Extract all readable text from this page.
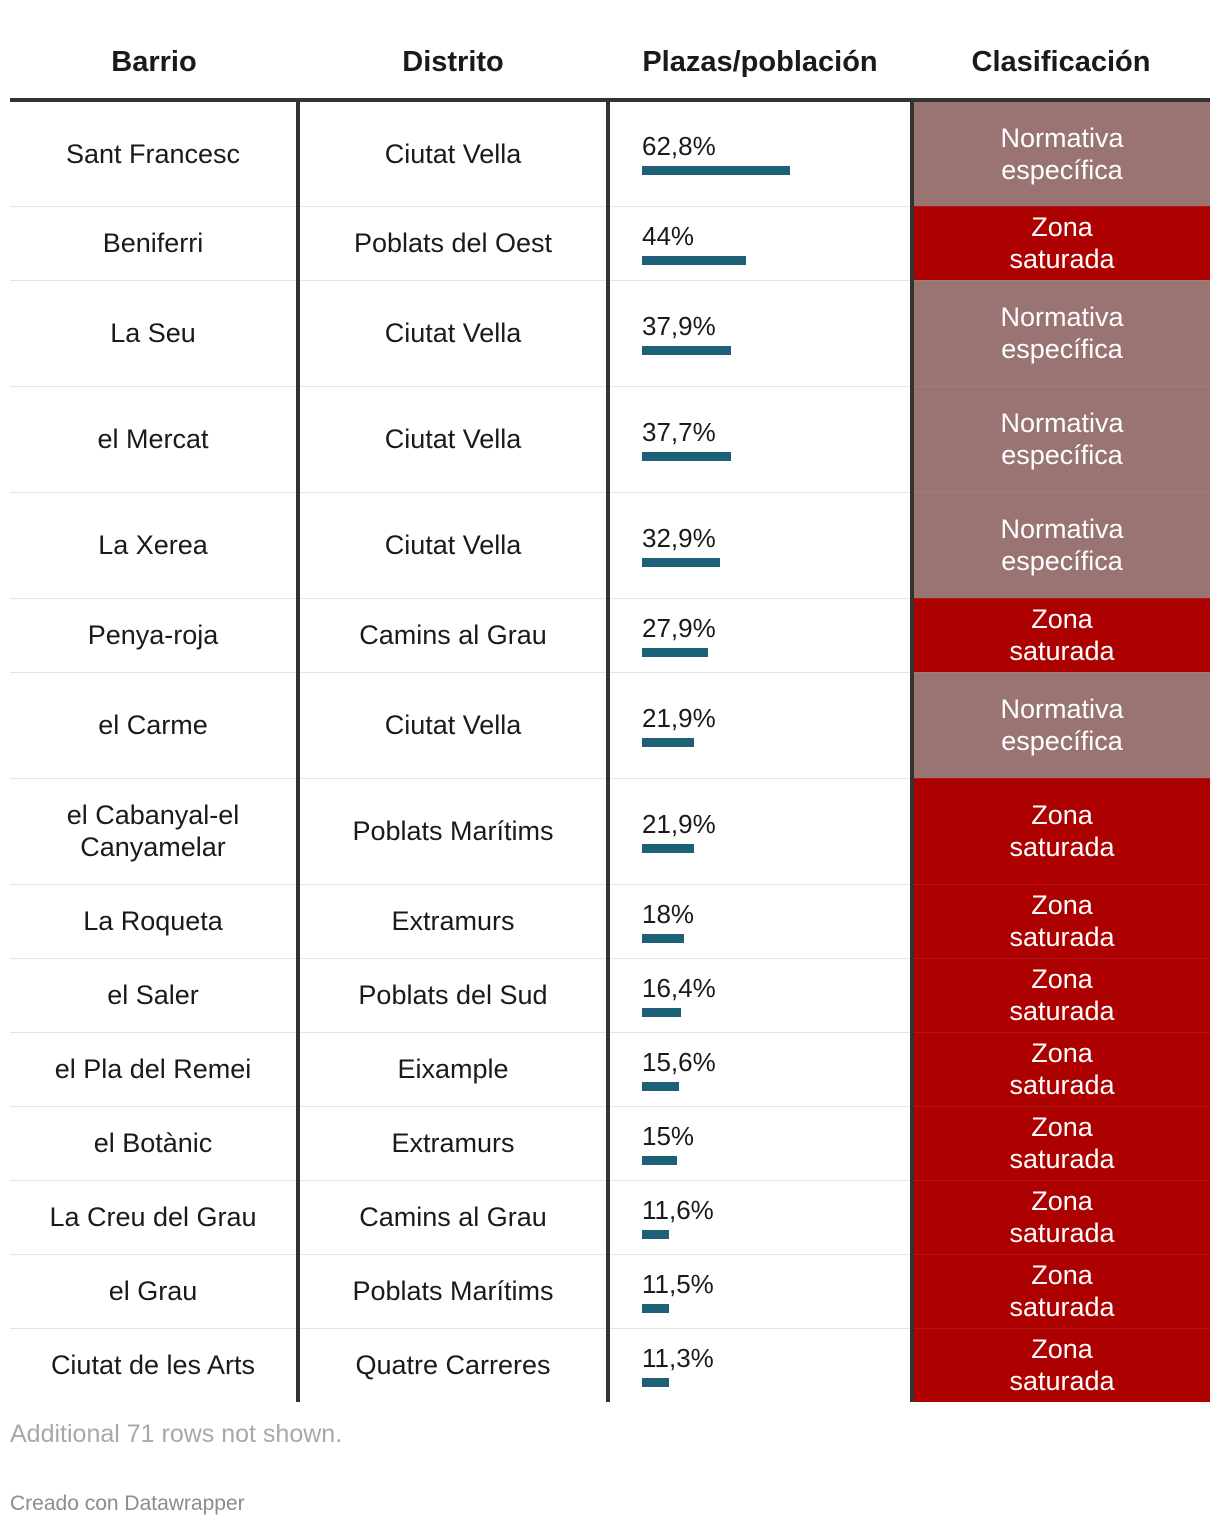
Barrio	Distrito	Plazas/población	Clasificación
Sant Francesc	Ciutat Vella	62,8%	Normativa específica
Beniferri	Poblats del Oest	44%	Zona saturada
La Seu	Ciutat Vella	37,9%	Normativa específica
el Mercat	Ciutat Vella	37,7%	Normativa específica
La Xerea	Ciutat Vella	32,9%	Normativa específica
Penya-roja	Camins al Grau	27,9%	Zona saturada
el Carme	Ciutat Vella	21,9%	Normativa específica
el Cabanyal-el Canyamelar	Poblats Marítims	21,9%	Zona saturada
La Roqueta	Extramurs	18%	Zona saturada
el Saler	Poblats del Sud	16,4%	Zona saturada
el Pla del Remei	Eixample	15,6%	Zona saturada
el Botànic	Extramurs	15%	Zona saturada
La Creu del Grau	Camins al Grau	11,6%	Zona saturada
el Grau	Poblats Marítims	11,5%	Zona saturada
Ciutat de les Arts	Quatre Carreres	11,3%	Zona saturada
Additional 71 rows not shown.
Creado con Datawrapper
